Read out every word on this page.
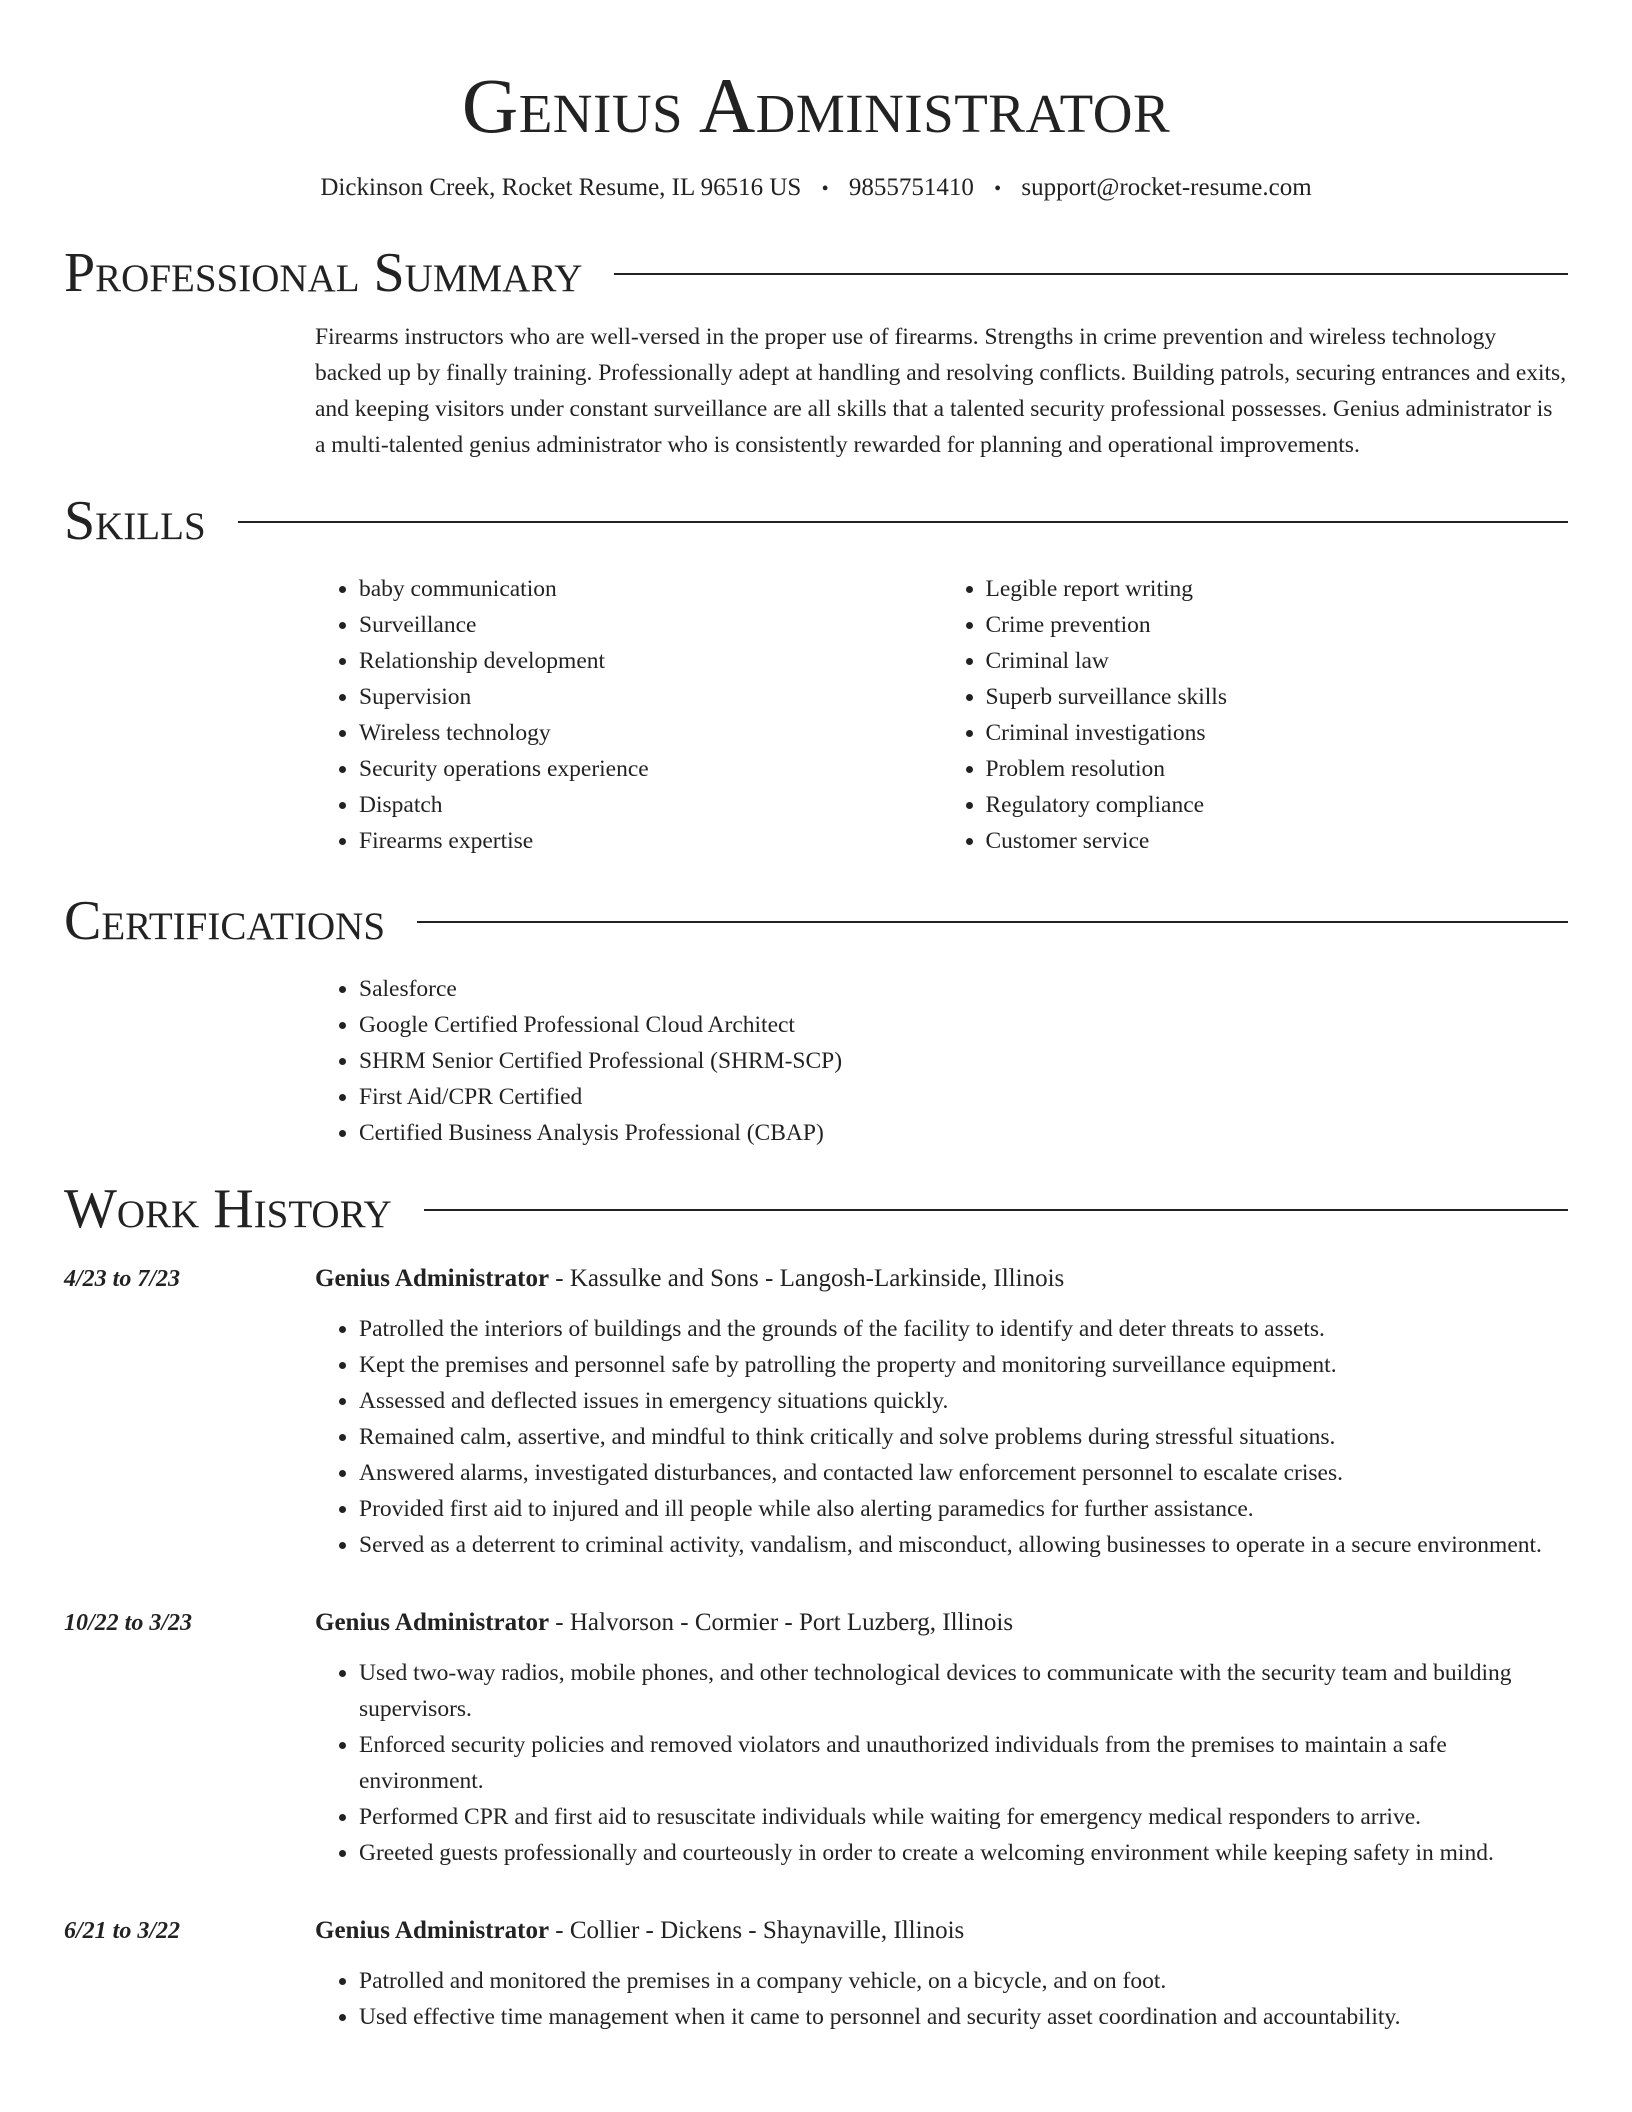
Genius Administrator
Dickinson Creek, Rocket Resume, IL 96516 US • 9855751410 • support@rocket-resume.com
Professional Summary
Firearms instructors who are well-versed in the proper use of firearms. Strengths in crime prevention and wireless technology backed up by finally training. Professionally adept at handling and resolving conflicts. Building patrols, securing entrances and exits, and keeping visitors under constant surveillance are all skills that a talented security professional possesses. Genius administrator is a multi-talented genius administrator who is consistently rewarded for planning and operational improvements.
Skills
• baby communication
• Surveillance
• Relationship development
• Supervision
• Wireless technology
• Security operations experience
• Dispatch
• Firearms expertise
• Legible report writing
• Crime prevention
• Criminal law
• Superb surveillance skills
• Criminal investigations
• Problem resolution
• Regulatory compliance
• Customer service
Certifications
• Salesforce
• Google Certified Professional Cloud Architect
• SHRM Senior Certified Professional (SHRM-SCP)
• First Aid/CPR Certified
• Certified Business Analysis Professional (CBAP)
Work History
4/23 to 7/23	Genius Administrator - Kassulke and Sons - Langosh-Larkinside, Illinois
• Patrolled the interiors of buildings and the grounds of the facility to identify and deter threats to assets.
• Kept the premises and personnel safe by patrolling the property and monitoring surveillance equipment.
• Assessed and deflected issues in emergency situations quickly.
• Remained calm, assertive, and mindful to think critically and solve problems during stressful situations.
• Answered alarms, investigated disturbances, and contacted law enforcement personnel to escalate crises.
• Provided first aid to injured and ill people while also alerting paramedics for further assistance.
• Served as a deterrent to criminal activity, vandalism, and misconduct, allowing businesses to operate in a secure environment.
10/22 to 3/23	Genius Administrator - Halvorson - Cormier - Port Luzberg, Illinois
• Used two-way radios, mobile phones, and other technological devices to communicate with the security team and building supervisors.
• Enforced security policies and removed violators and unauthorized individuals from the premises to maintain a safe environment.
• Performed CPR and first aid to resuscitate individuals while waiting for emergency medical responders to arrive.
• Greeted guests professionally and courteously in order to create a welcoming environment while keeping safety in mind.
6/21 to 3/22	Genius Administrator - Collier - Dickens - Shaynaville, Illinois
• Patrolled and monitored the premises in a company vehicle, on a bicycle, and on foot.
• Used effective time management when it came to personnel and security asset coordination and accountability.
